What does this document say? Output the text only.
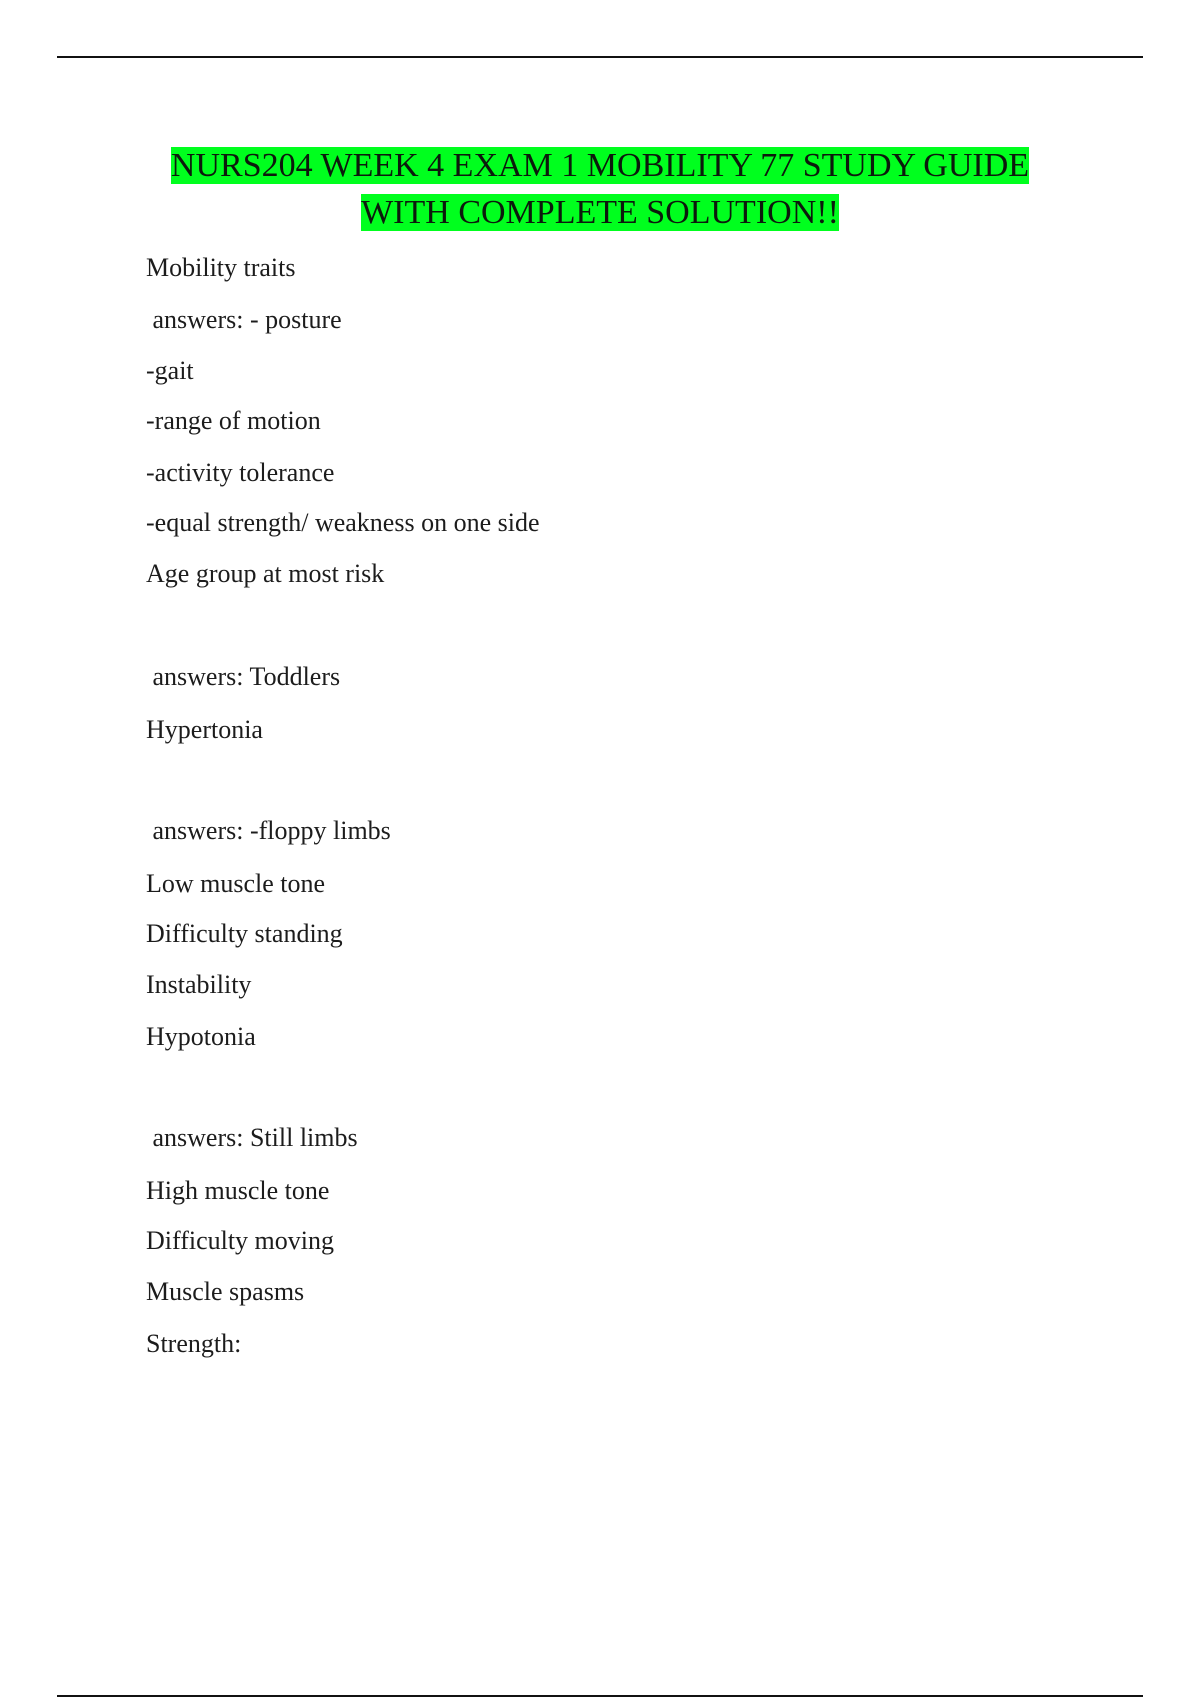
NURS204 WEEK 4 EXAM 1 MOBILITY 77 STUDY GUIDE
WITH COMPLETE SOLUTION!!
Mobility traits
answers: - posture
-gait
-range of motion
-activity tolerance
-equal strength/ weakness on one side
Age group at most risk
answers: Toddlers
Hypertonia
answers: -floppy limbs
Low muscle tone
Difficulty standing
Instability
Hypotonia
answers: Still limbs
High muscle tone
Difficulty moving
Muscle spasms
Strength:
